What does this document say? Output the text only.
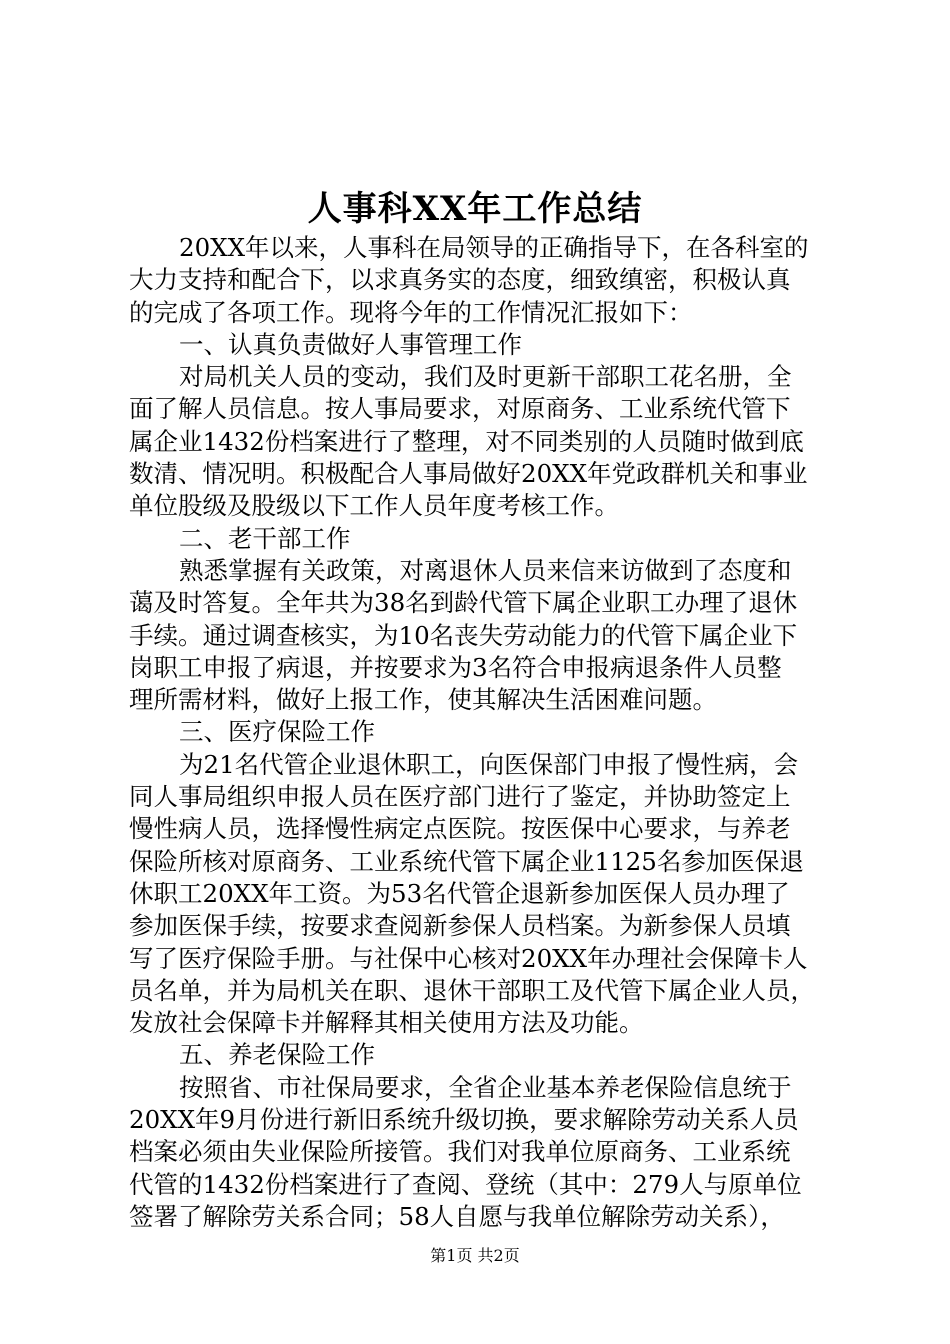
人事科XX年工作总结
20XX年以来，人事科在局领导的正确指导下，在各科室的
大力支持和配合下，以求真务实的态度，细致缜密，积极认真
的完成了各项工作。现将今年的工作情况汇报如下：
一、认真负责做好人事管理工作
对局机关人员的变动，我们及时更新干部职工花名册，全
面了解人员信息。按人事局要求，对原商务、工业系统代管下
属企业1432份档案进行了整理，对不同类别的人员随时做到底
数清、情况明。积极配合人事局做好20XX年党政群机关和事业
单位股级及股级以下工作人员年度考核工作。
二、老干部工作
熟悉掌握有关政策，对离退休人员来信来访做到了态度和
蔼及时答复。全年共为38名到龄代管下属企业职工办理了退休
手续。通过调查核实，为10名丧失劳动能力的代管下属企业下
岗职工申报了病退，并按要求为3名符合申报病退条件人员整
理所需材料，做好上报工作，使其解决生活困难问题。
三、医疗保险工作
为21名代管企业退休职工，向医保部门申报了慢性病，会
同人事局组织申报人员在医疗部门进行了鉴定，并协助签定上
慢性病人员，选择慢性病定点医院。按医保中心要求，与养老
保险所核对原商务、工业系统代管下属企业1125名参加医保退
休职工20XX年工资。为53名代管企退新参加医保人员办理了
参加医保手续，按要求查阅新参保人员档案。为新参保人员填
写了医疗保险手册。与社保中心核对20XX年办理社会保障卡人
员名单，并为局机关在职、退休干部职工及代管下属企业人员，
发放社会保障卡并解释其相关使用方法及功能。
五、养老保险工作
按照省、市社保局要求，全省企业基本养老保险信息统于
20XX年9月份进行新旧系统升级切换，要求解除劳动关系人员
档案必须由失业保险所接管。我们对我单位原商务、工业系统
代管的1432份档案进行了查阅、登统（其中：279人与原单位
签署了解除劳关系合同；58人自愿与我单位解除劳动关系），
第1页 共2页
